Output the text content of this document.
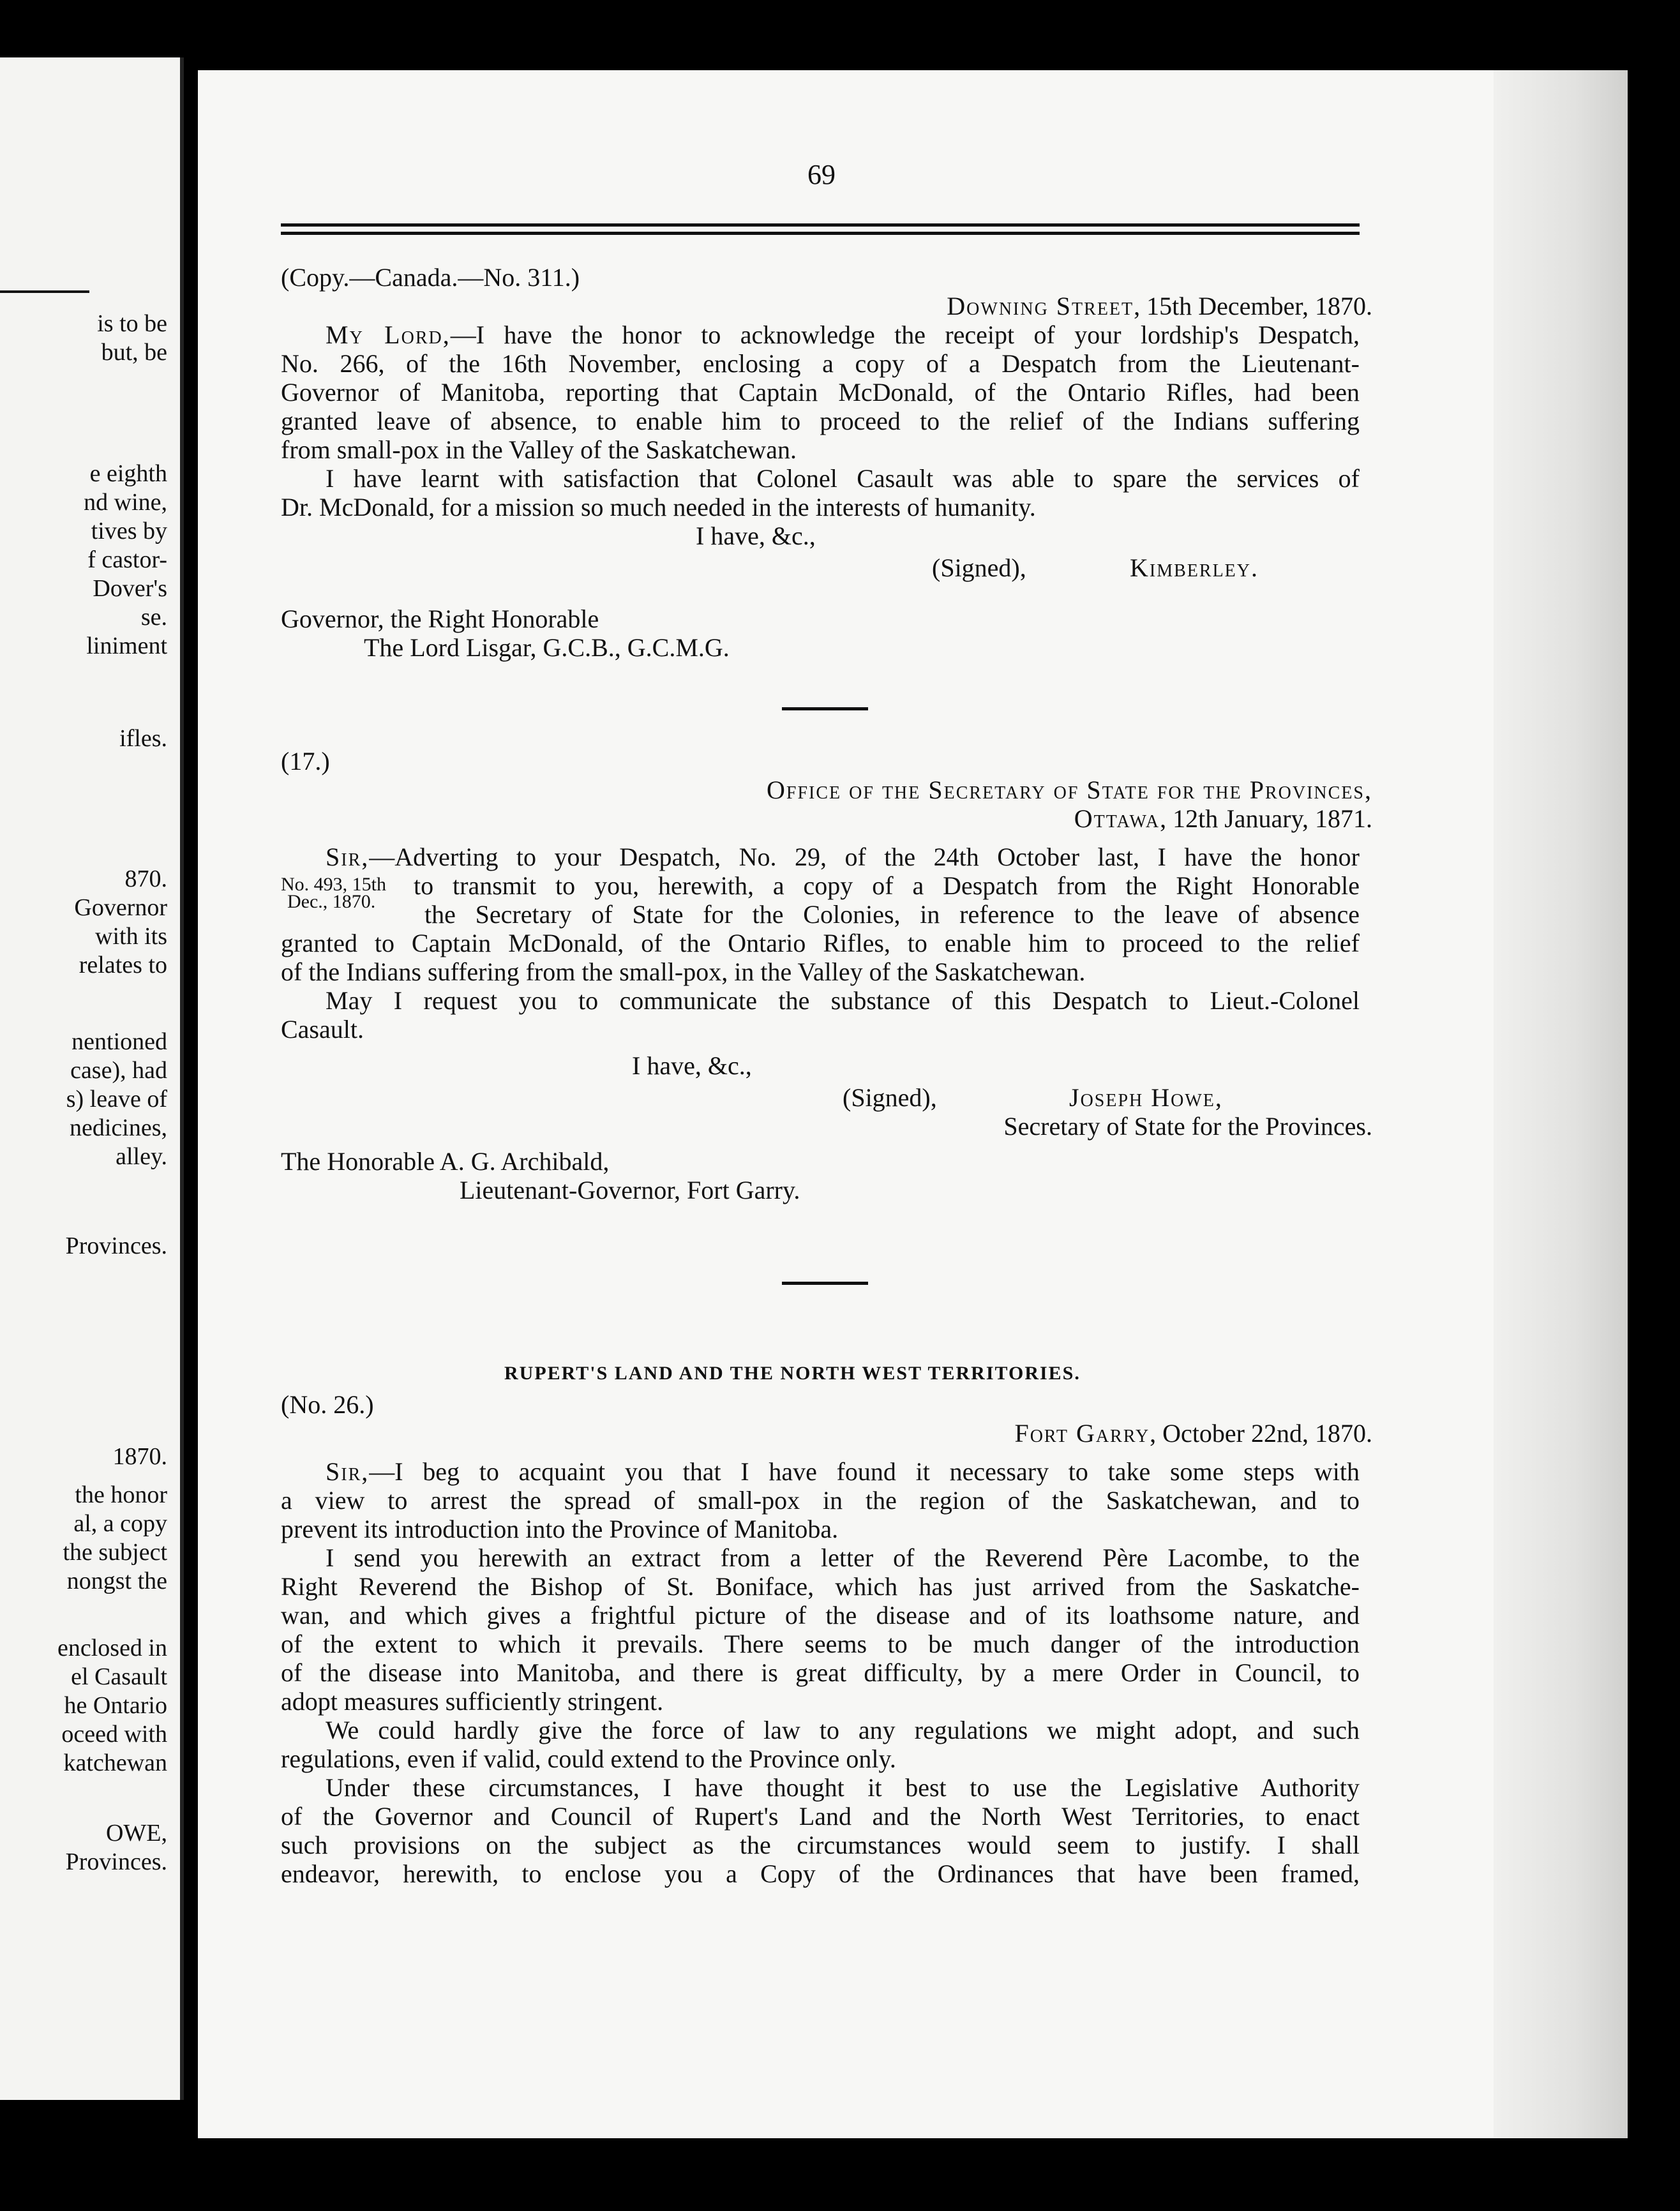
is to be
but, be
e eighth
nd wine,
tives by
f castor-
Dover's
se.
liniment
ifles.
870.
Governor
with its
relates to
nentioned
case), had
s) leave of
nedicines,
alley.
Provinces.
1870.
the honor
al, a copy
the subject
nongst the
enclosed in
el Casault
he Ontario
oceed with
katchewan
OWE,
Provinces.
69
(Copy.—Canada.—No. 311.)
Downing Street, 15th December, 1870.
My Lord,—I have the honor to acknowledge the receipt of your lordship's Despatch,
No. 266, of the 16th November, enclosing a copy of a Despatch from the Lieutenant-
Governor of Manitoba, reporting that Captain McDonald, of the Ontario Rifles, had been
granted leave of absence, to enable him to proceed to the relief of the Indians suffering
from small-pox in the Valley of the Saskatchewan.
I have learnt with satisfaction that Colonel Casault was able to spare the services of
Dr. McDonald, for a mission so much needed in the interests of humanity.
I have, &c.,
(Signed),	Kimberley.
Governor, the Right Honorable
The Lord Lisgar, G.C.B., G.C.M.G.
(17.)
Office of the Secretary of State for the Provinces,
Ottawa, 12th January, 1871.
Sir,—Adverting to your Despatch, No. 29, of the 24th October last, I have the honor
No. 493, 15th
Dec., 1870.
to transmit to you, herewith, a copy of a Despatch from the Right Honorable
the Secretary of State for the Colonies, in reference to the leave of absence
granted to Captain McDonald, of the Ontario Rifles, to enable him to proceed to the relief
of the Indians suffering from the small-pox, in the Valley of the Saskatchewan.
May I request you to communicate the substance of this Despatch to Lieut.-Colonel
Casault.
I have, &c.,
(Signed),	Joseph Howe,
Secretary of State for the Provinces.
The Honorable A. G. Archibald,
Lieutenant-Governor, Fort Garry.
RUPERT'S LAND AND THE NORTH WEST TERRITORIES.
(No. 26.)
Fort Garry, October 22nd, 1870.
Sir,—I beg to acquaint you that I have found it necessary to take some steps with
a view to arrest the spread of small-pox in the region of the Saskatchewan, and to
prevent its introduction into the Province of Manitoba.
I send you herewith an extract from a letter of the Reverend Père Lacombe, to the
Right Reverend the Bishop of St. Boniface, which has just arrived from the Saskatche-
wan, and which gives a frightful picture of the disease and of its loathsome nature, and
of the extent to which it prevails. There seems to be much danger of the introduction
of the disease into Manitoba, and there is great difficulty, by a mere Order in Council, to
adopt measures sufficiently stringent.
We could hardly give the force of law to any regulations we might adopt, and such
regulations, even if valid, could extend to the Province only.
Under these circumstances, I have thought it best to use the Legislative Authority
of the Governor and Council of Rupert's Land and the North West Territories, to enact
such provisions on the subject as the circumstances would seem to justify. I shall
endeavor, herewith, to enclose you a Copy of the Ordinances that have been framed,
